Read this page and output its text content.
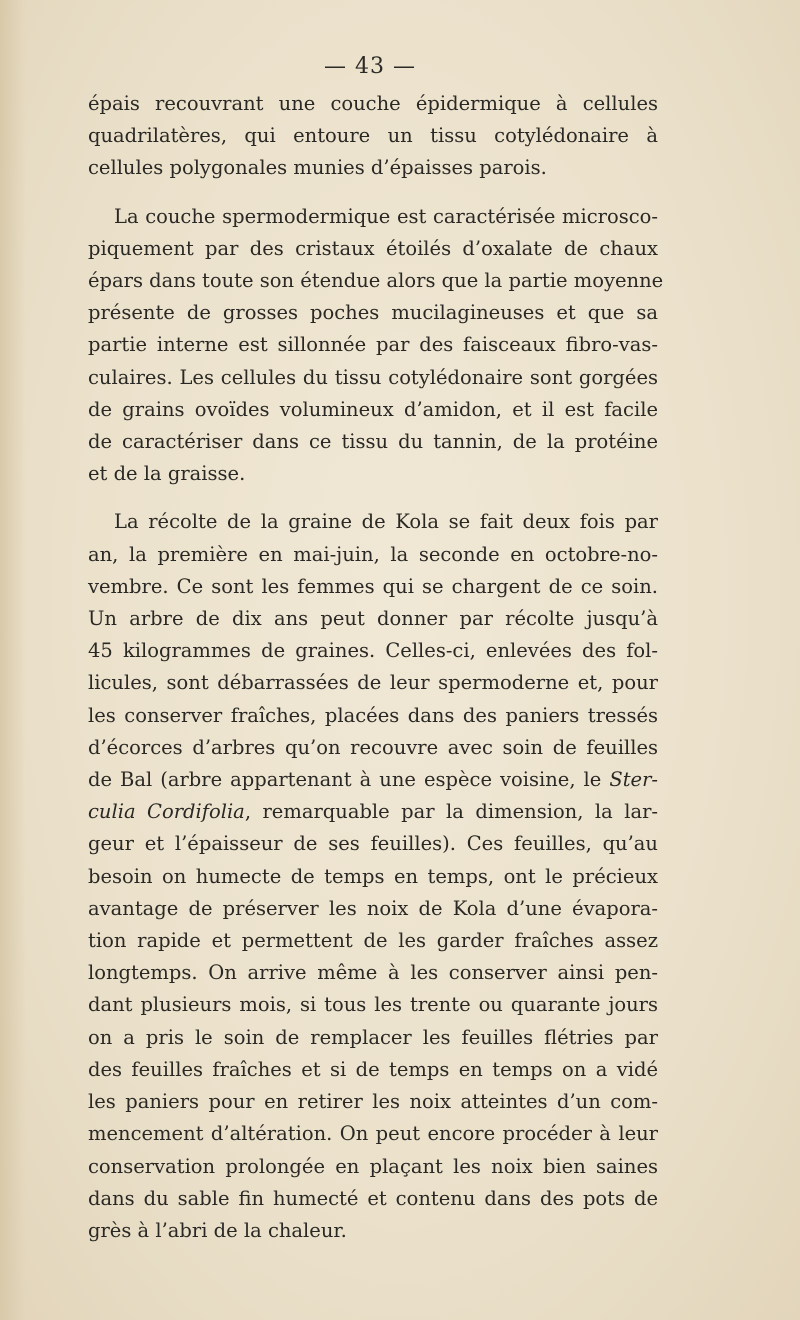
— 43 —
épais recouvrant une couche épidermique à cellules
quadrilatères, qui entoure un tissu cotylédonaire à
cellules polygonales munies d’épaisses parois.
La couche spermodermique est caractérisée microsco-
piquement par des cristaux étoilés d’oxalate de chaux
épars dans toute son étendue alors que la partie moyenne
présente de grosses poches mucilagineuses et que sa
partie interne est sillonnée par des faisceaux fibro-vas-
culaires. Les cellules du tissu cotylédonaire sont gorgées
de grains ovoïdes volumineux d’amidon, et il est facile
de caractériser dans ce tissu du tannin, de la protéine
et de la graisse.
La récolte de la graine de Kola se fait deux fois par
an, la première en mai-juin, la seconde en octobre-no-
vembre. Ce sont les femmes qui se chargent de ce soin.
Un arbre de dix ans peut donner par récolte jusqu’à
45 kilogrammes de graines. Celles-ci, enlevées des fol-
licules, sont débarrassées de leur spermoderne et, pour
les conserver fraîches, placées dans des paniers tressés
d’écorces d’arbres qu’on recouvre avec soin de feuilles
de Bal (arbre appartenant à une espèce voisine, le Ster-
culia Cordifolia, remarquable par la dimension, la lar-
geur et l’épaisseur de ses feuilles). Ces feuilles, qu’au
besoin on humecte de temps en temps, ont le précieux
avantage de préserver les noix de Kola d’une évapora-
tion rapide et permettent de les garder fraîches assez
longtemps. On arrive même à les conserver ainsi pen-
dant plusieurs mois, si tous les trente ou quarante jours
on a pris le soin de remplacer les feuilles flétries par
des feuilles fraîches et si de temps en temps on a vidé
les paniers pour en retirer les noix atteintes d’un com-
mencement d’altération. On peut encore procéder à leur
conservation prolongée en plaçant les noix bien saines
dans du sable fin humecté et contenu dans des pots de
grès à l’abri de la chaleur.
